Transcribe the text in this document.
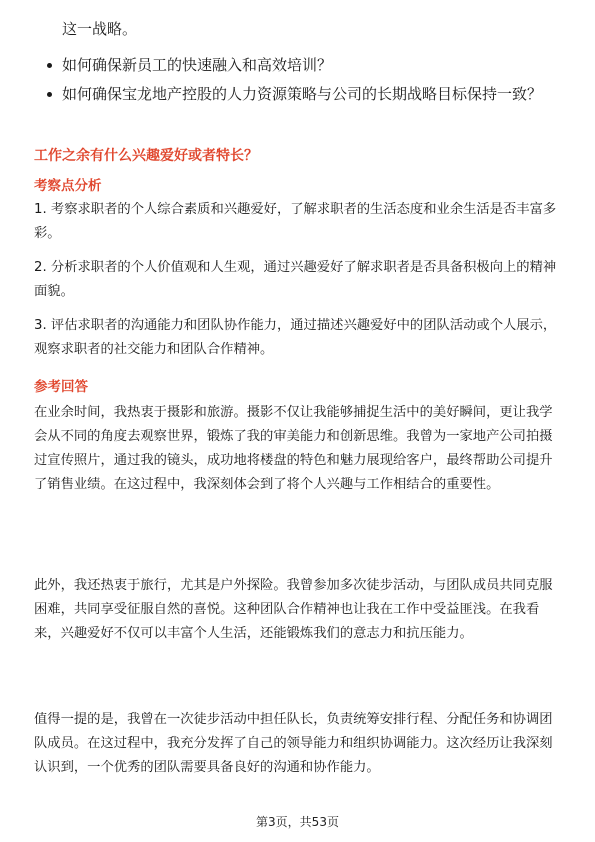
这一战略。
如何确保新员工的快速融入和高效培训？
如何确保宝龙地产控股的人力资源策略与公司的长期战略目标保持一致？
工作之余有什么兴趣爱好或者特长？
考察点分析

1. 考察求职者的个人综合素质和兴趣爱好，了解求职者的生活态度和业余生活是否丰富多彩。

2. 分析求职者的个人价值观和人生观，通过兴趣爱好了解求职者是否具备积极向上的精神面貌。

3. 评估求职者的沟通能力和团队协作能力，通过描述兴趣爱好中的团队活动或个人展示，观察求职者的社交能力和团队合作精神。

参考回答

在业余时间，我热衷于摄影和旅游。摄影不仅让我能够捕捉生活中的美好瞬间，更让我学会从不同的角度去观察世界，锻炼了我的审美能力和创新思维。我曾为一家地产公司拍摄过宣传照片，通过我的镜头，成功地将楼盘的特色和魅力展现给客户，最终帮助公司提升了销售业绩。在这过程中，我深刻体会到了将个人兴趣与工作相结合的重要性。

此外，我还热衷于旅行，尤其是户外探险。我曾参加多次徒步活动，与团队成员共同克服困难，共同享受征服自然的喜悦。这种团队合作精神也让我在工作中受益匪浅。在我看来，兴趣爱好不仅可以丰富个人生活，还能锻炼我们的意志力和抗压能力。

值得一提的是，我曾在一次徒步活动中担任队长，负责统筹安排行程、分配任务和协调团队成员。在这过程中，我充分发挥了自己的领导能力和组织协调能力。这次经历让我深刻认识到，一个优秀的团队需要具备良好的沟通和协作能力。

第3页，共53页
